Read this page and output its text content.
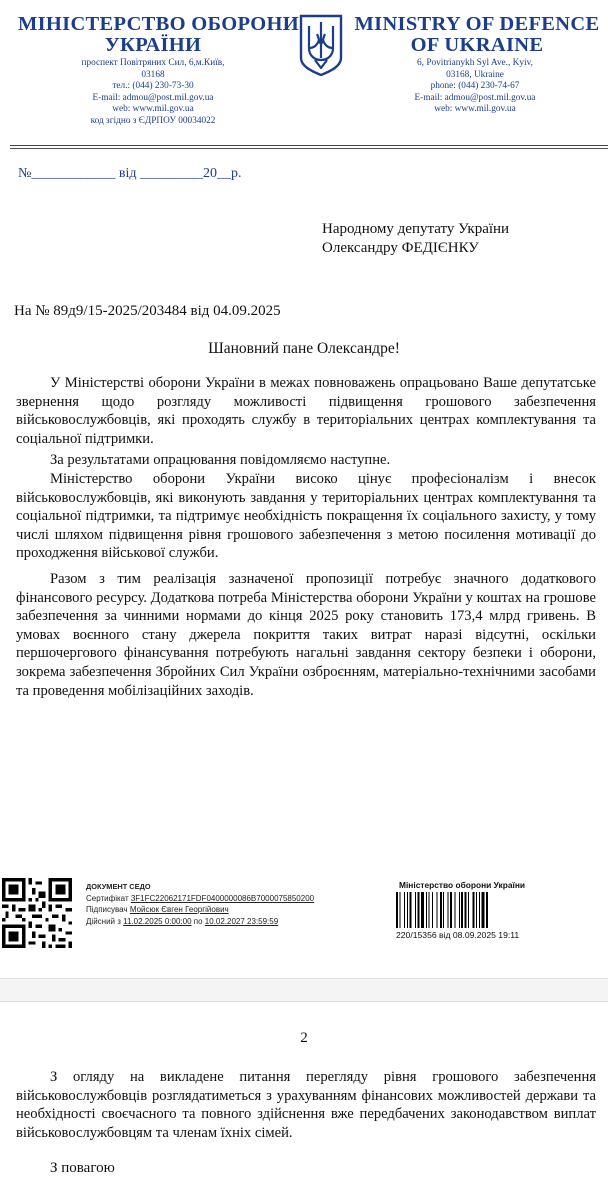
МІНІСТЕРСТВО ОБОРОНИ
УКРАЇНИ
проспект Повітряних Сил, 6,м.Київ,
03168
тел.: (044) 230-73-30
E-mail: admou@post.mil.gov.ua
web: www.mil.gov.ua
код згідно з ЄДРПОУ 00034022
MINISTRY OF DEFENCE
OF UKRAINE
6, Povitrianykh Syl Ave., Kyiv,
03168, Ukraine
phone: (044) 230-74-67
E-mail: admou@post.mil.gov.ua
web: www.mil.gov.ua
№____________ від _________20__р.
Народному депутату України
Олександру ФЕДІЄНКУ
На № 89д9/15-2025/203484 від 04.09.2025
Шановний пане Олександре!
У Міністерстві оборони України в межах повноважень опрацьовано Ваше депутатське звернення щодо розгляду можливості підвищення грошового забезпечення військовослужбовців, які проходять службу в територіальних центрах комплектування та соціальної підтримки.
За результатами опрацювання повідомляємо наступне.
Міністерство оборони України високо цінує професіоналізм і внесок військовослужбовців, які виконують завдання у територіальних центрах комплектування та соціальної підтримки, та підтримує необхідність покращення їх соціального захисту, у тому числі шляхом підвищення рівня грошового забезпечення з метою посилення мотивації до проходження військової служби.
Разом з тим реалізація зазначеної пропозиції потребує значного додаткового фінансового ресурсу. Додаткова потреба Міністерства оборони України у коштах на грошове забезпечення за чинними нормами до кінця 2025 року становить 173,4 млрд гривень. В умовах воєнного стану джерела покриття таких витрат наразі відсутні, оскільки першочергового фінансування потребують нагальні завдання сектору безпеки і оборони, зокрема забезпечення Збройних Сил України озброєнням, матеріально-технічними засобами та проведення мобілізаційних заходів.
ДОКУМЕНТ СЕДО
Сертифікат 3F1FC22062171FDF0400000086B7000075850200
Підписувач Мойсюк Євген Георгійович
Дійсний з 11.02.2025 0:00:00 по 10.02.2027 23:59:59
Міністерство оборони України
220/15356 від 08.09.2025 19:11
2
З огляду на викладене питання перегляду рівня грошового забезпечення військовослужбовців розглядатиметься з урахуванням фінансових можливостей держави та необхідності своєчасного та повного здійснення вже передбачених законодавством виплат військовослужбовцям та членам їхніх сімей.
З повагою
